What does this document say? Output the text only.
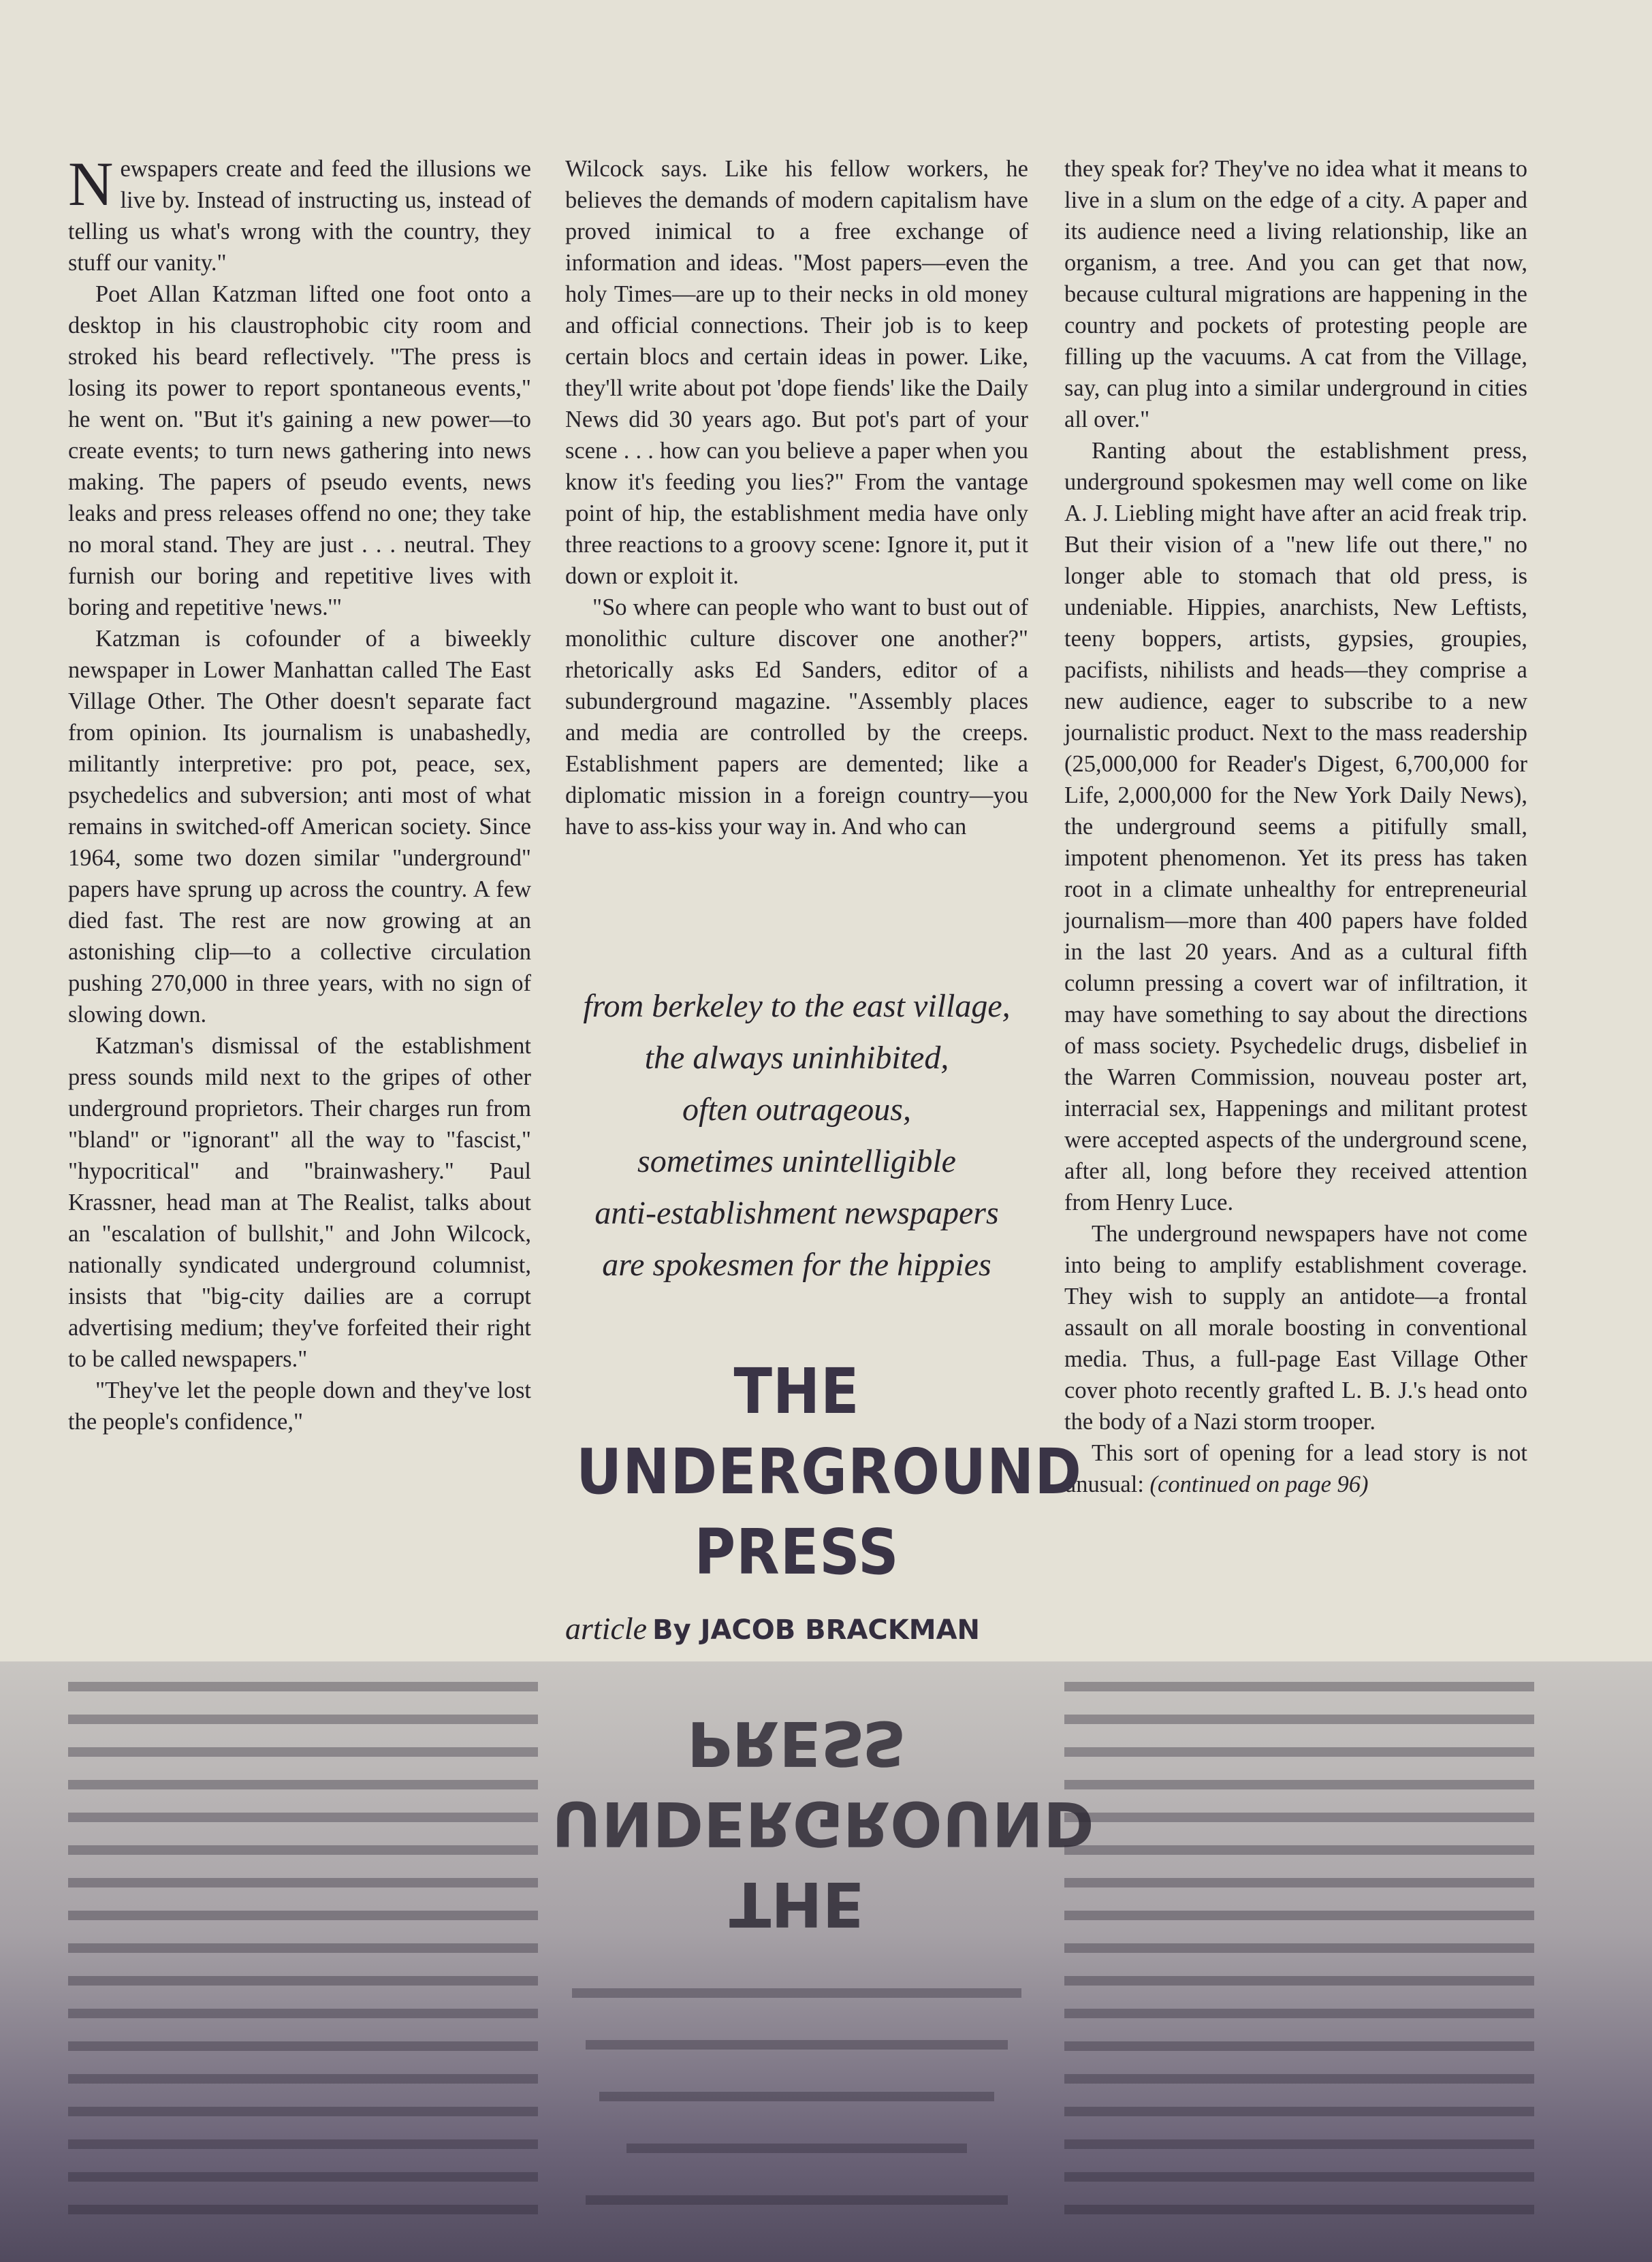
Newspapers create and feed the illusions we live by. Instead of instructing us, instead of telling us what's wrong with the country, they stuff our vanity."

Poet Allan Katzman lifted one foot onto a desktop in his claustrophobic city room and stroked his beard reflectively. "The press is losing its power to report spontaneous events," he went on. "But it's gaining a new power—to create events; to turn news gathering into news making. The papers of pseudo events, news leaks and press releases offend no one; they take no moral stand. They are just . . . neutral. They furnish our boring and repetitive lives with boring and repetitive 'news.'"

Katzman is cofounder of a biweekly newspaper in Lower Manhattan called The East Village Other. The Other doesn't separate fact from opinion. Its journalism is unabashedly, militantly interpretive: pro pot, peace, sex, psychedelics and subversion; anti most of what remains in switched-off American society. Since 1964, some two dozen similar "underground" papers have sprung up across the country. A few died fast. The rest are now growing at an astonishing clip—to a collective circulation pushing 270,000 in three years, with no sign of slowing down.

Katzman's dismissal of the establishment press sounds mild next to the gripes of other underground proprietors. Their charges run from "bland" or "ignorant" all the way to "fascist," "hypocritical" and "brainwashery." Paul Krassner, head man at The Realist, talks about an "escalation of bullshit," and John Wilcock, nationally syndicated underground columnist, insists that "big-city dailies are a corrupt advertising medium; they've forfeited their right to be called newspapers."

"They've let the people down and they've lost the people's confidence,"

Wilcock says. Like his fellow workers, he believes the demands of modern capitalism have proved inimical to a free exchange of information and ideas. "Most papers—even the holy Times—are up to their necks in old money and official connections. Their job is to keep certain blocs and certain ideas in power. Like, they'll write about pot 'dope fiends' like the Daily News did 30 years ago. But pot's part of your scene . . . how can you believe a paper when you know it's feeding you lies?" From the vantage point of hip, the establishment media have only three reactions to a groovy scene: Ignore it, put it down or exploit it.

"So where can people who want to bust out of monolithic culture discover one another?" rhetorically asks Ed Sanders, editor of a subunderground magazine. "Assembly places and media are controlled by the creeps. Establishment papers are demented; like a diplomatic mission in a foreign country—you have to ass-kiss your way in. And who can

they speak for? They've no idea what it means to live in a slum on the edge of a city. A paper and its audience need a living relationship, like an organism, a tree. And you can get that now, because cultural migrations are happening in the country and pockets of protesting people are filling up the vacuums. A cat from the Village, say, can plug into a similar underground in cities all over."

Ranting about the establishment press, underground spokesmen may well come on like A. J. Liebling might have after an acid freak trip. But their vision of a "new life out there," no longer able to stomach that old press, is undeniable. Hippies, anarchists, New Leftists, teeny boppers, artists, gypsies, groupies, pacifists, nihilists and heads—they comprise a new audience, eager to subscribe to a new journalistic product. Next to the mass readership (25,000,000 for Reader's Digest, 6,700,000 for Life, 2,000,000 for the New York Daily News), the underground seems a pitifully small, impotent phenomenon. Yet its press has taken root in a climate unhealthy for entrepreneurial journalism—more than 400 papers have folded in the last 20 years. And as a cultural fifth column pressing a covert war of infiltration, it may have something to say about the directions of mass society. Psychedelic drugs, disbelief in the Warren Commission, nouveau poster art, interracial sex, Happenings and militant protest were accepted aspects of the underground scene, after all, long before they received attention from Henry Luce.

The underground newspapers have not come into being to amplify establishment coverage. They wish to supply an antidote—a frontal assault on all morale boosting in conventional media. Thus, a full-page East Village Other cover photo recently grafted L. B. J.'s head onto the body of a Nazi storm trooper.

This sort of opening for a lead story is not unusual: (continued on page 96)

from berkeley to the east village,
the always uninhibited,
often outrageous,
sometimes unintelligible
anti-establishment newspapers
are spokesmen for the hippies
THE
UNDERGROUND
PRESS
article By JACOB BRACKMAN
THE
UNDERGROUND
PRESS
